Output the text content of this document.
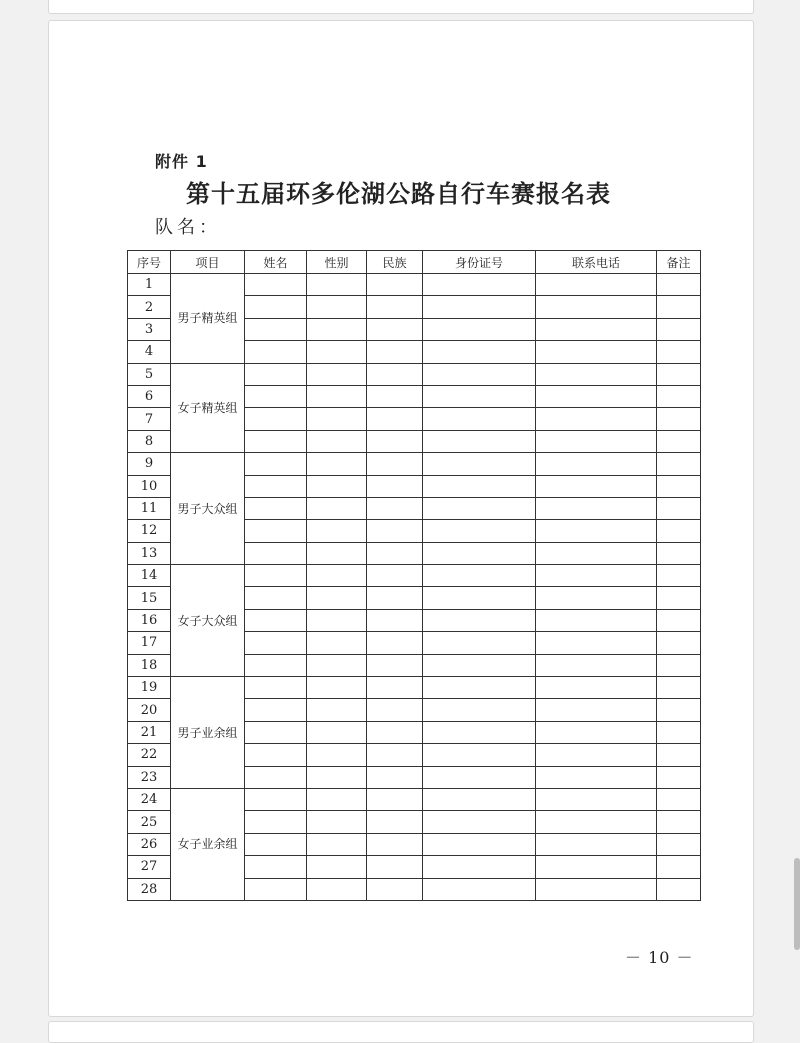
附件 1
第十五届环多伦湖公路自行车赛报名表
队名：
序号	项目	姓名	性别	民族	身份证号	联系电话	备注
1	男子精英组						
2							
3							
4							
5	女子精英组						
6							
7							
8							
9	男子大众组						
10							
11							
12							
13							
14	女子大众组						
15							
16							
17							
18							
19	男子业余组						
20							
21							
22							
23							
24	女子业余组						
25							
26							
27							
28							
－ 10 －
